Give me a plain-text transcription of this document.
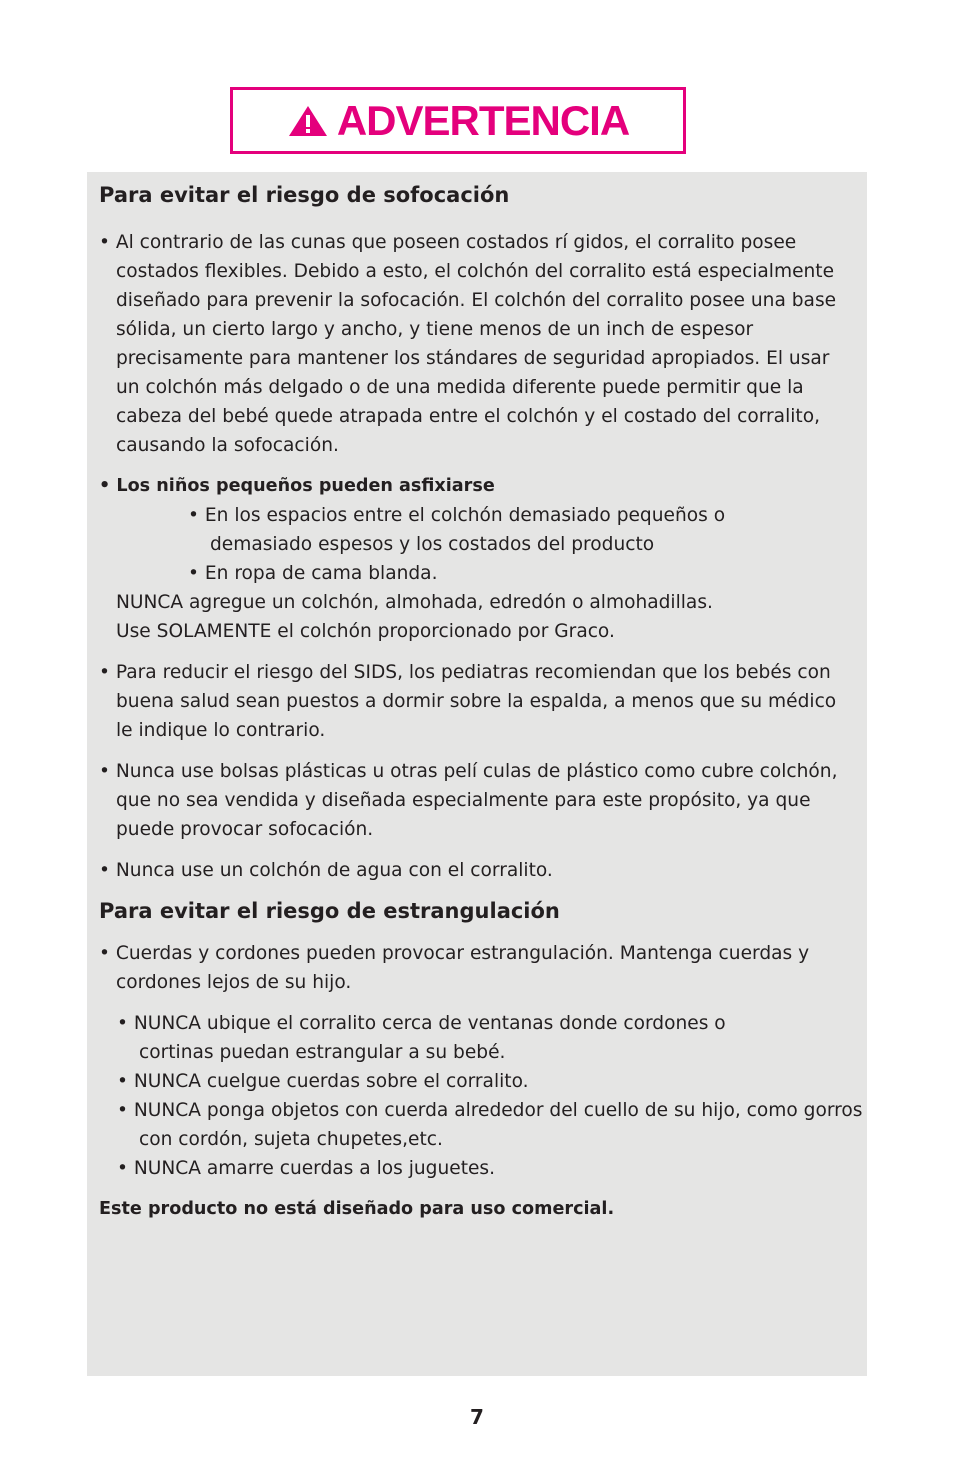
ADVERTENCIA
Para evitar el riesgo de sofocación

• Al contrario de las cunas que poseen costados rí gidos, el corralito posee costados flexibles. Debido a esto, el colchón del corralito está especialmente diseñado para prevenir la sofocación. El colchón del corralito posee una base sólida, un cierto largo y ancho, y tiene menos de un inch de espesor precisamente para mantener los stándares de seguridad apropiados. El usar un colchón más delgado o de una medida diferente puede permitir que la cabeza del bebé quede atrapada entre el colchón y el costado del corralito, causando la sofocación.

• Los niños pequeños pueden asfixiarse

• En los espacios entre el colchón demasiado pequeños o demasiado espesos y los costados del producto

• En ropa de cama blanda.

NUNCA agregue un colchón, almohada, edredón o almohadillas.

Use SOLAMENTE el colchón proporcionado por Graco.

• Para reducir el riesgo del SIDS, los pediatras recomiendan que los bebés con buena salud sean puestos a dormir sobre la espalda, a menos que su médico le indique lo contrario.

• Nunca use bolsas plásticas u otras pelí culas de plástico como cubre colchón, que no sea vendida y diseñada especialmente para este propósito, ya que puede provocar sofocación.

• Nunca use un colchón de agua con el corralito.

Para evitar el riesgo de estrangulación

• Cuerdas y cordones pueden provocar estrangulación. Mantenga cuerdas y cordones lejos de su hijo.

• NUNCA ubique el corralito cerca de ventanas donde cordones o cortinas puedan estrangular a su bebé.

• NUNCA cuelgue cuerdas sobre el corralito.

• NUNCA ponga objetos con cuerda alrededor del cuello de su hijo, como gorros con cordón, sujeta chupetes,etc.

• NUNCA amarre cuerdas a los juguetes.

Este producto no está diseñado para uso comercial.

7
